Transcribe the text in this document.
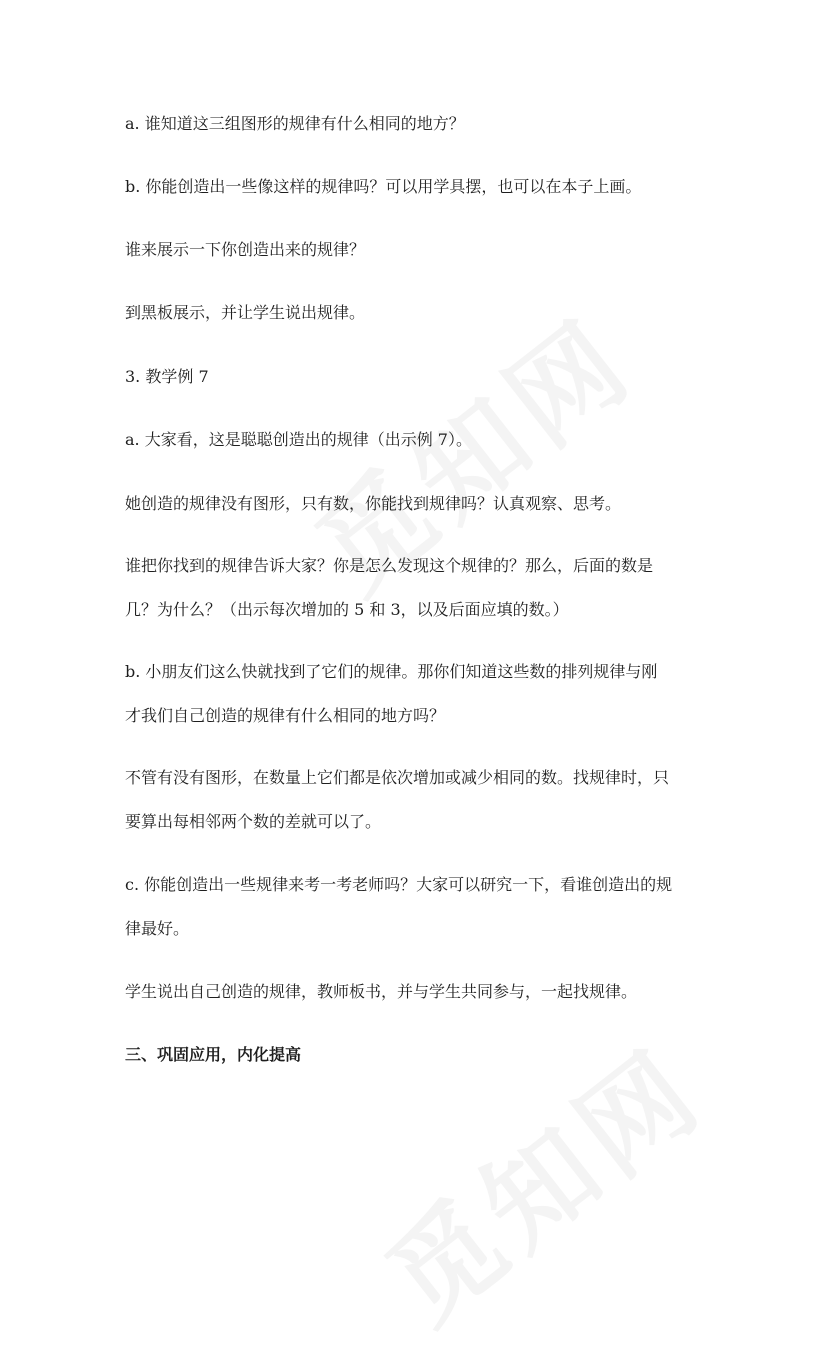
a. 谁知道这三组图形的规律有什么相同的地方？
b. 你能创造出一些像这样的规律吗？可以用学具摆，也可以在本子上画。
谁来展示一下你创造出来的规律？
到黑板展示，并让学生说出规律。
3. 教学例 7
a. 大家看，这是聪聪创造出的规律（出示例 7）。
她创造的规律没有图形，只有数，你能找到规律吗？认真观察、思考。
谁把你找到的规律告诉大家？你是怎么发现这个规律的？那么，后面的数是
几？为什么？（出示每次增加的 5 和 3，以及后面应填的数。）
b. 小朋友们这么快就找到了它们的规律。那你们知道这些数的排列规律与刚
才我们自己创造的规律有什么相同的地方吗？
不管有没有图形，在数量上它们都是依次增加或减少相同的数。找规律时，只
要算出每相邻两个数的差就可以了。
c. 你能创造出一些规律来考一考老师吗？大家可以研究一下，看谁创造出的规
律最好。
学生说出自己创造的规律，教师板书，并与学生共同参与，一起找规律。
三、巩固应用，内化提高
